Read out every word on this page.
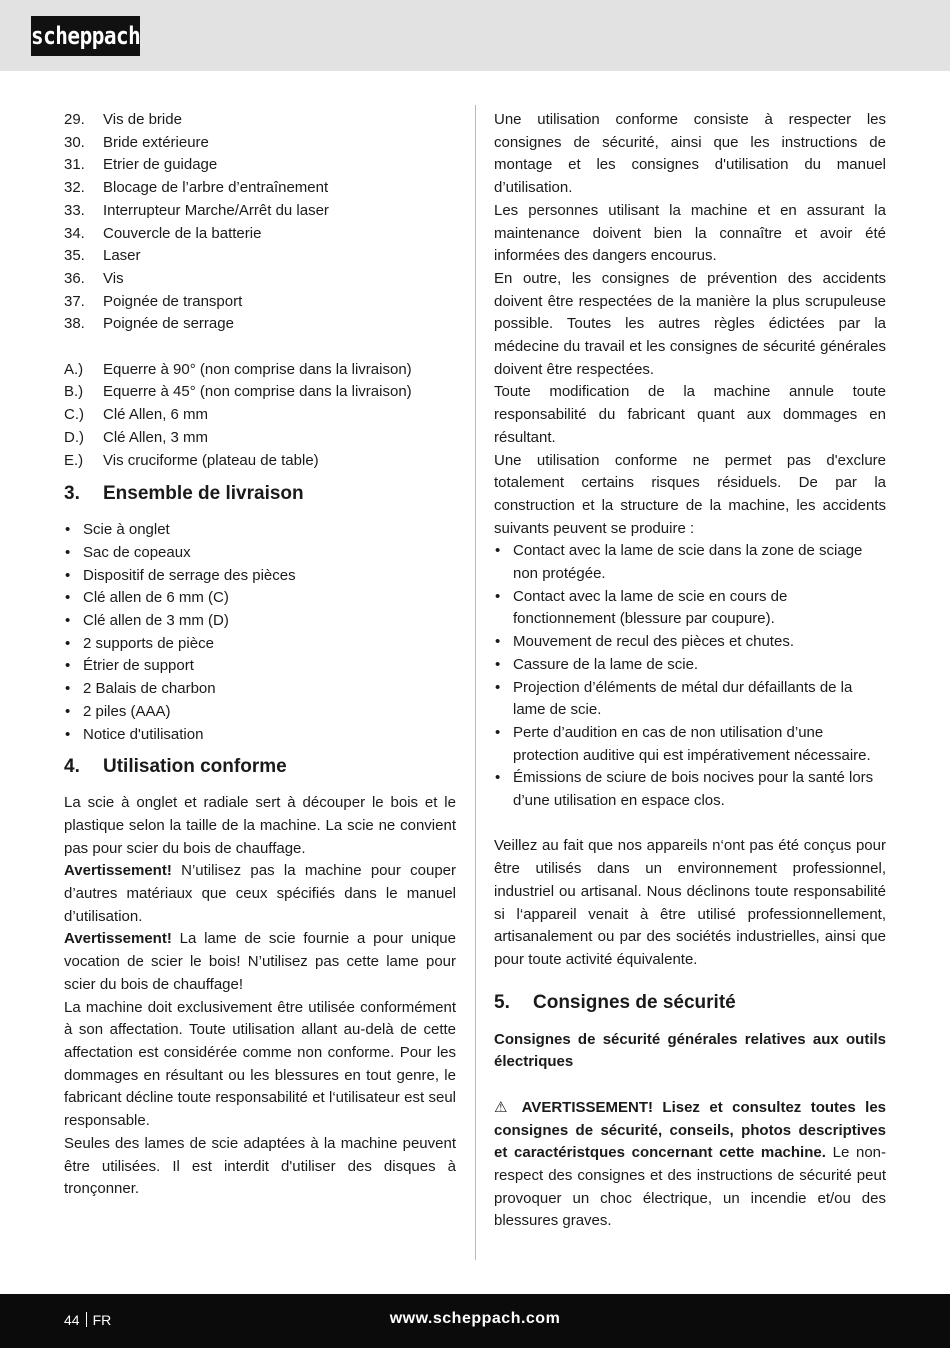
scheppach
29.	Vis de bride
30.	Bride extérieure
31.	Etrier de guidage
32.	Blocage de l’arbre d’entraînement
33.	Interrupteur Marche/Arrêt du laser
34.	Couvercle de la batterie
35.	Laser
36.	Vis
37.	Poignée de transport
38.	Poignée de serrage
A.)	Equerre à 90° (non comprise dans la livraison)
B.)	Equerre à 45° (non comprise dans la livraison)
C.)	Clé Allen, 6 mm
D.)	Clé Allen, 3 mm
E.)	Vis cruciforme (plateau de table)
3.	Ensemble de livraison
• Scie à onglet
• Sac de copeaux
• Dispositif de serrage des pièces
• Clé allen de 6 mm (C)
• Clé allen de 3 mm (D)
• 2 supports de pièce
• Étrier de support
• 2 Balais de charbon
• 2 piles (AAA)
• Notice d'utilisation
4.	Utilisation conforme

La scie à onglet et radiale sert à découper le bois et le plastique selon la taille de la machine. La scie ne convient pas pour scier du bois de chauffage.

Avertissement! N’utilisez pas la machine pour couper d’autres matériaux que ceux spécifiés dans le manuel d’utilisation.

Avertissement! La lame de scie fournie a pour unique vocation de scier le bois! N’utilisez pas cette lame pour scier du bois de chauffage!

La machine doit exclusivement être utilisée conformément à son affectation. Toute utilisation allant au-delà de cette affectation est considérée comme non conforme. Pour les dommages en résultant ou les blessures en tout genre, le fabricant décline toute responsabilité et l‘utilisateur est seul responsable.

Seules des lames de scie adaptées à la machine peuvent être utilisées. Il est interdit d'utiliser des disques à tronçonner.

Une utilisation conforme consiste à respecter les consignes de sécurité, ainsi que les instructions de montage et les consignes d'utilisation du manuel d’utilisation.

Les personnes utilisant la machine et en assurant la maintenance doivent bien la connaître et avoir été informées des dangers encourus.

En outre, les consignes de prévention des accidents doivent être respectées de la manière la plus scrupuleuse possible. Toutes les autres règles édictées par la médecine du travail et les consignes de sécurité générales doivent être respectées.

Toute modification de la machine annule toute responsabilité du fabricant quant aux dommages en résultant.

Une utilisation conforme ne permet pas d'exclure totalement certains risques résiduels. De par la construction et la structure de la machine, les accidents suivants peuvent se produire :

• Contact avec la lame de scie dans la zone de sciage non protégée.
• Contact avec la lame de scie en cours de fonctionnement (blessure par coupure).
• Mouvement de recul des pièces et chutes.
• Cassure de la lame de scie.
• Projection d’éléments de métal dur défaillants de la lame de scie.
• Perte d’audition en cas de non utilisation d’une protection auditive qui est impérativement nécessaire.
• Émissions de sciure de bois nocives pour la santé lors d’une utilisation en espace clos.

Veillez au fait que nos appareils n‘ont pas été conçus pour être utilisés dans un environnement professionnel, industriel ou artisanal. Nous déclinons toute responsabilité si l‘appareil venait à être utilisé professionnellement, artisanalement ou par des sociétés industrielles, ainsi que pour toute activité équivalente.

5.	Consignes de sécurité

Consignes de sécurité générales relatives aux outils électriques

⚠ AVERTISSEMENT! Lisez et consultez toutes les consignes de sécurité, conseils, photos descriptives et caractéristques concernant cette machine. Le non-respect des consignes et des instructions de sécurité peut provoquer un choc électrique, un incendie et/ou des blessures graves.

44 FR	www.scheppach.com
